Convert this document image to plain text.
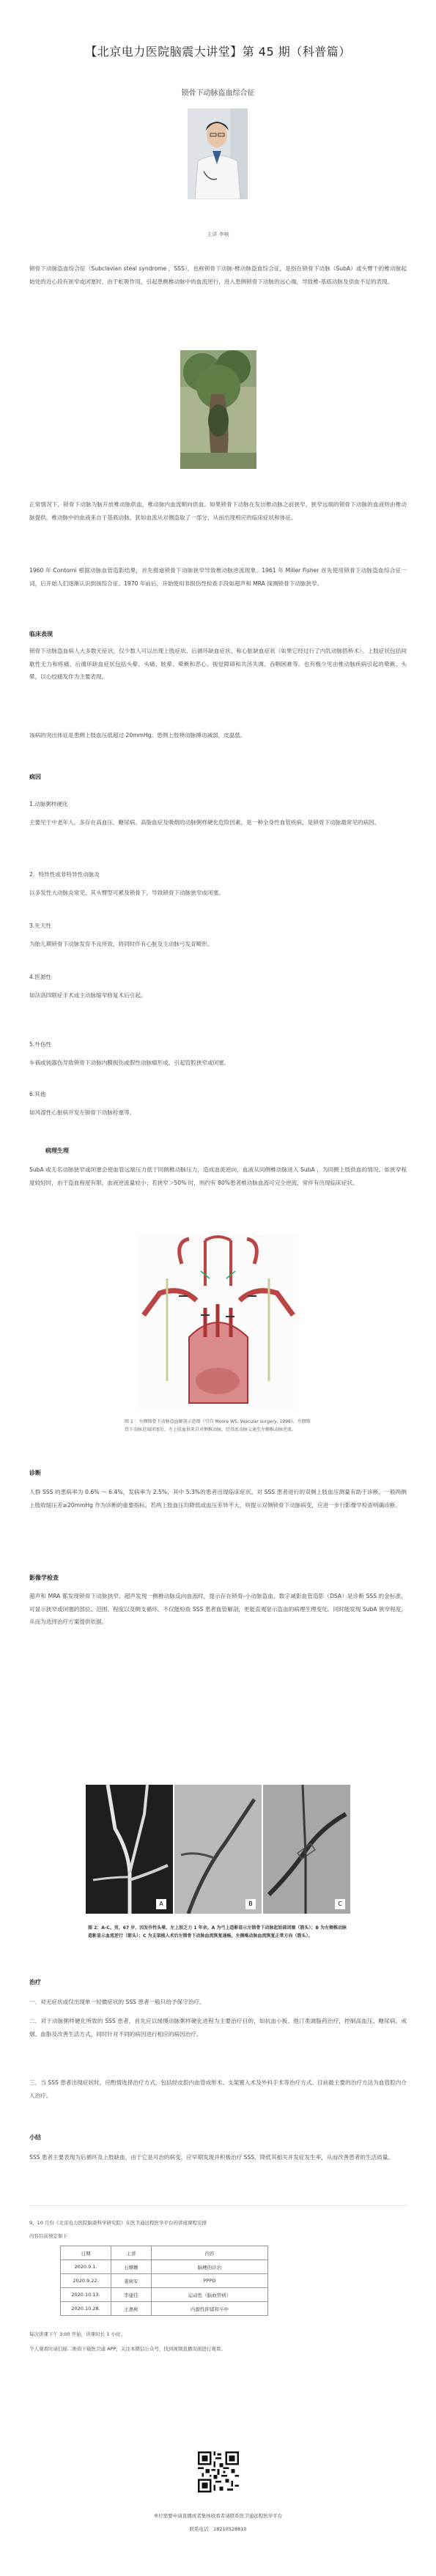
【北京电力医院脑震大讲堂】第 45 期（科普篇）
锁骨下动脉盗血综合征
主讲 李响

锁骨下动脉盗血综合征（Subclavian steal syndrome ，SSS），也称锁骨下动脉-椎动脉盗血综合征，是指在锁骨下动脉（SubA）或头臂干的椎动脉起始处的近心段有狭窄或闭塞时，由于虹吸作用，引起患侧椎动脉中的血流逆行，进入患侧锁骨下动脉的远心端，导致椎-基底动脉及供血不足的表现。

正常情况下，锁骨下动脉为脑开放椎动脉供血，椎动脉内血流顺向供血。如果锁骨下动脉在发出椎动脉之前狭窄，狭窄远端的锁骨下动脉的血液则由椎动脉提供，椎动脉中的血液来自于基底动脉，犹如血流从对侧盗取了一部分，从而出现相应的临床症状和体征。

1960 年 Contorni 根据动脉血管造影结果，首先报道锁骨下动脉狭窄导致椎动脉逆流现象。1961 年 Miller Fisher 首先使用锁骨下动脉盗血综合征一词，后开始人们逐渐认识到该综合征。1970 年前后，开始使用非损伤性检查手段如超声和 MRA 探测锁骨下动脉狭窄。

临床表现

锁骨下动脉盗血病人大多数无症状，仅少数人可以出现上肢症状、后循环缺血症状、和心脏缺血症状（如果它经过行了内乳动脉搭桥术）。上肢症状包括间歇性无力和疼痛、后循环缺血症状包括头晕、头痛、眩晕、晕厥和恶心、视觉障碍和共济失调、吞咽困难等。也有极少见由椎动脉疾病引起的晕厥、头晕，以心绞痛发作为主要表现。

该病的突出体征是患侧上肢血压低超过 20mmHg。患侧上肢桡动脉搏动减弱，皮温低。

病因
1.动脉粥样硬化

主要见于中老年人，多存在高血压、糖尿病、高脂血症及吸烟的动脉粥样硬化危险因素，是一种全身性血管疾病，是锁骨下动脉最常见的病因。

2．特异性或非特异性动脉炎

以多发性大动脉炎常见，其头臂型可累及锁骨下，导致锁骨下动脉狭窄或闭塞。

3.先天性

为胎儿期锁骨下动脉发育不良所致，将同时伴有心脏及主动脉弓发育畸形。

4.医源性

如法洛四联症手术或主动脉缩窄修复术后引起。

5.外伤性

车祸或钝器伤导致锁骨下动脉内膜损伤或假性动脉瘤形成，引起管腔狭窄或闭塞。

6.其他

如风湿性心脏病并发左锁骨下动脉栓塞等。

病理生理

SubA 或无名动脉狭窄或闭塞会使血管远端压力低于同侧椎动脉压力，造成血流逆向，血液从同侧椎动脉进入 SubA ，为同侧上肢供血的情况。如狭窄程度较轻时，由于盗血程度有限，血液逆流量较小；若狭窄＞50% 时，则约有 80%患者椎动脉血流可完全逆流，常伴有出现临床症状。

图 1 ：左侧锁骨下动脉盗血解剖示意图（引自 Moore WS, Vascular surgery, 1998）。左侧锁骨下动脉近端闭塞后，左上肢血供来自对侧椎动脉，经基底动脉交通至左侧椎动脉逆流。
诊断

人群 SSS 的患病率为 0.6% ～ 6.4%，发病率为 2.5%，其中 5.3%的患者出现临床症状。对 SSS 患者进行的双侧上肢血压测量有助于诊断，一般两侧上肢收缩压差≥20mmHg 作为诊断的重要指标。若两上肢血压均降低或血压差异不大，则提示双侧锁骨下动脉病变，应进一步行影像学检查明确诊断。

影像学检查

超声和 MRA 都发现锁骨下动脉狭窄。超声发现一侧椎动脉反向血流时，提示存在锁骨-小动脉盗血。数字减影血管造影（DSA）是诊断 SSS 的金标准，可显示狭窄或闭塞的部位、范围、程度以及侧支循环。不仅能检查 SSS 患者血管解剖，更能直观显示盗血的病理生理变化。同时能发现 SubA 狭窄程度，从而为选择治疗方案提供依据。

A	B	C
图 2：A-C。男，67 岁，因发作性头晕、左上肢乏力 1 年余。A 为弓上造影显示左锁骨下动脉起始部闭塞（箭头）；B 为左侧椎动脉造影显示血流逆行（箭头）；C 为支架植入术后左锁骨下动脉血流恢复通畅，左侧椎动脉血流恢复正常方向（箭头）。
治疗

一．对无症状或仅出现单一轻微症状的 SSS 患者一般只给予保守治疗。

二．对于动脉粥样硬化所致的 SSS 患者，首先应以缓慢动脉粥样硬化进程为主要治疗目的，如抗血小板、他汀类调脂药治疗，控制高血压、糖尿病，戒烟、血脂及改善生活方式，同时针对不同的病因进行相应的病因治疗。

三．当 SSS 患者出现症状时，应酌情选择治疗方式，包括经皮腔内血管成形术、支架置入术及外科手术等治疗方式。目前最主要的治疗方法为血管腔内介入治疗。

小结

SSS 患者主要表现为后循环及上肢缺血，由于它是可治的病变，应早期发现并积极治疗 SSS，降低其相关并发症发生率，从而改善患者的生活质量。

9、10 月份《北京电力医院脑震科学研究院》在医卫通远程医学平台的讲座课程安排
内容目前预定如下
日期	主讲	内容
2020.9.1.	石姗姗	脑梗的诊治
2020.9.22.	姜树军	PPPD
2020.10.13.	李建佳	运动性（脑血管病）
2020.10.28.	王惠彬	内源性抑郁和卒中
每次讲课下午 3:00 开始，讲课时长 1 小时。
个人观看时请扫描二维码下载医卫通 APP，关注本微信公众号，找到视频直播页面进行观看。
单位需要申请直播或者集体收看者请联系医卫通远程医学平台
联系电话：18210528810
